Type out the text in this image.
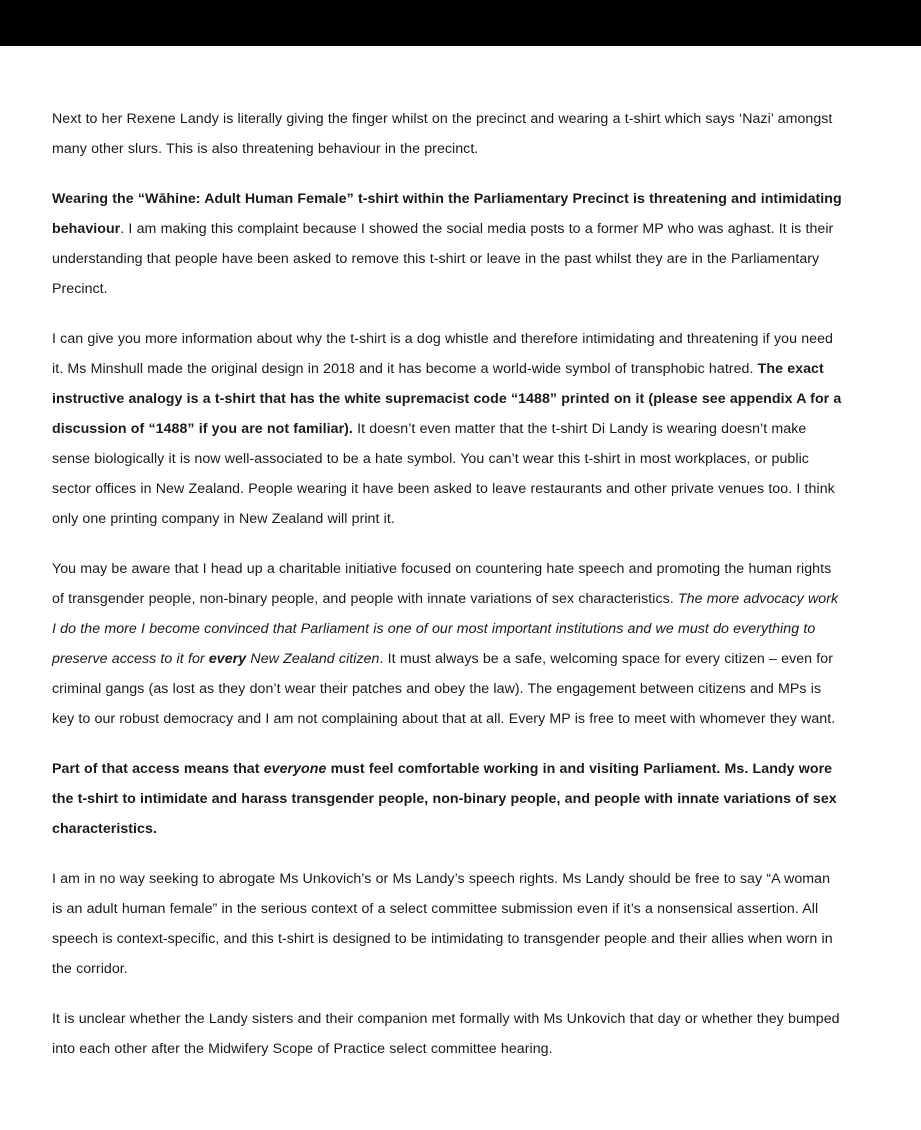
Next to her Rexene Landy is literally giving the finger whilst on the precinct and wearing a t-shirt which says ‘Nazi’ amongst many other slurs. This is also threatening behaviour in the precinct.

Wearing the “Wāhine: Adult Human Female” t-shirt within the Parliamentary Precinct is threatening and intimidating behaviour. I am making this complaint because I showed the social media posts to a former MP who was aghast. It is their understanding that people have been asked to remove this t-shirt or leave in the past whilst they are in the Parliamentary Precinct.

I can give you more information about why the t-shirt is a dog whistle and therefore intimidating and threatening if you need it. Ms Minshull made the original design in 2018 and it has become a world-wide symbol of transphobic hatred. The exact instructive analogy is a t-shirt that has the white supremacist code “1488” printed on it (please see appendix A for a discussion of “1488” if you are not familiar). It doesn’t even matter that the t-shirt Di Landy is wearing doesn’t make sense biologically it is now well-associated to be a hate symbol. You can’t wear this t-shirt in most workplaces, or public sector offices in New Zealand. People wearing it have been asked to leave restaurants and other private venues too. I think only one printing company in New Zealand will print it.

You may be aware that I head up a charitable initiative focused on countering hate speech and promoting the human rights of transgender people, non-binary people, and people with innate variations of sex characteristics. The more advocacy work I do the more I become convinced that Parliament is one of our most important institutions and we must do everything to preserve access to it for every New Zealand citizen. It must always be a safe, welcoming space for every citizen – even for criminal gangs (as lost as they don’t wear their patches and obey the law). The engagement between citizens and MPs is key to our robust democracy and I am not complaining about that at all. Every MP is free to meet with whomever they want.

Part of that access means that everyone must feel comfortable working in and visiting Parliament. Ms. Landy wore the t-shirt to intimidate and harass transgender people, non-binary people, and people with innate variations of sex characteristics.

I am in no way seeking to abrogate Ms Unkovich’s or Ms Landy’s speech rights. Ms Landy should be free to say “A woman is an adult human female” in the serious context of a select committee submission even if it’s a nonsensical assertion. All speech is context-specific, and this t-shirt is designed to be intimidating to transgender people and their allies when worn in the corridor.

It is unclear whether the Landy sisters and their companion met formally with Ms Unkovich that day or whether they bumped into each other after the Midwifery Scope of Practice select committee hearing.
